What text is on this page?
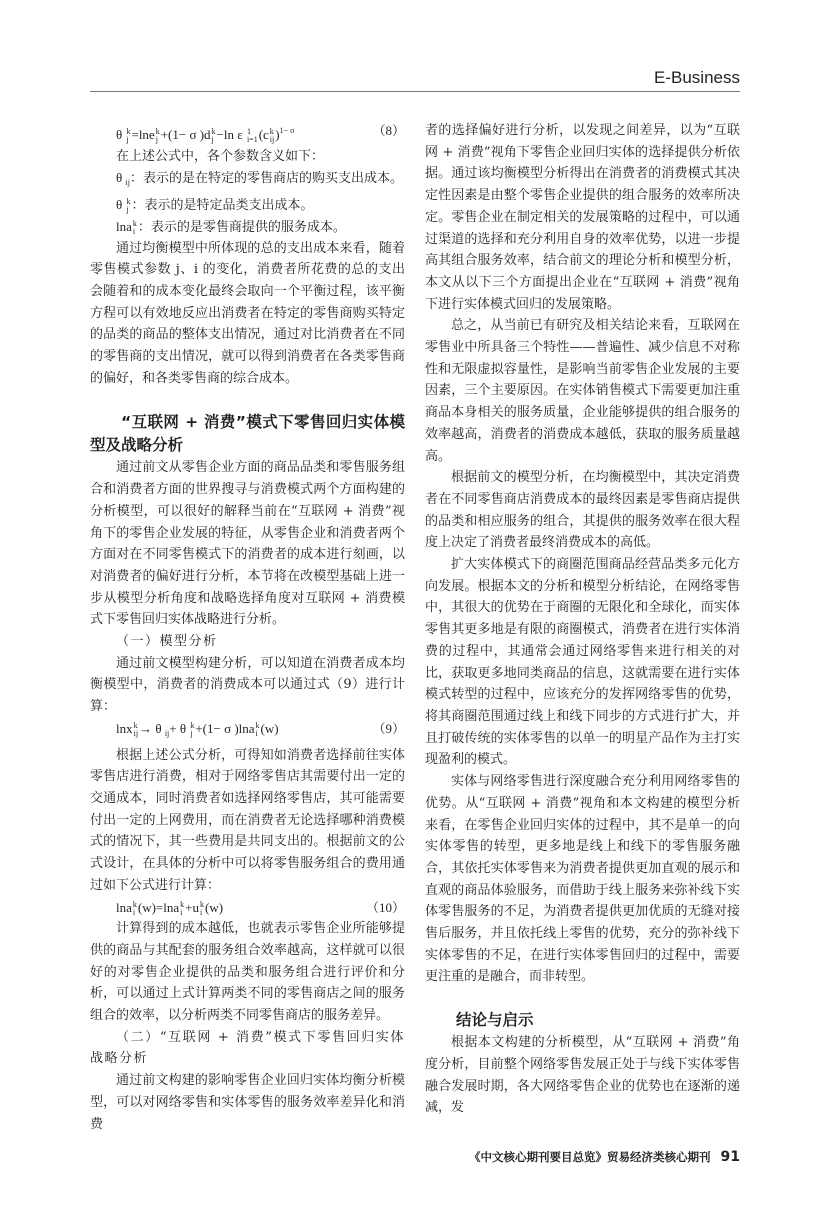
E-Business
θ k
j =lne k
j +(1− σ )d k
j −ln ε 1
i=1 (c k
ij )$^{1- \sigma}$	（8）

在上述公式中，各个参数含义如下：

θ $_{ij}$：表示的是在特定的零售商店的购买支出成本。
θ k
j ：表示的是特定品类支出成本。
lna k
i ：表示的是零售商提供的服务成本。

通过均衡模型中所体现的总的支出成本来看，随着零售模式参数 j、i 的变化，消费者所花费的总的支出会随着和的成本变化最终会取向一个平衡过程，该平衡方程可以有效地反应出消费者在特定的零售商购买特定的品类的商品的整体支出情况，通过对比消费者在不同的零售商的支出情况，就可以得到消费者在各类零售商的偏好，和各类零售商的综合成本。

“互联网 + 消费”模式下零售回归实体模型及战略分析

通过前文从零售企业方面的商品品类和零售服务组合和消费者方面的世界搜寻与消费模式两个方面构建的分析模型，可以很好的解释当前在“互联网 + 消费”视角下的零售企业发展的特征，从零售企业和消费者两个方面对在不同零售模式下的消费者的成本进行刻画，以对消费者的偏好进行分析，本节将在改模型基础上进一步从模型分析角度和战略选择角度对互联网 + 消费模式下零售回归实体战略进行分析。

（一）模型分析

通过前文模型构建分析，可以知道在消费者成本均衡模型中，消费者的消费成本可以通过式（9）进行计算：

lnx k
ij → θ $_{ij}$+ θ k
j +(1− σ )lna k
i (w)	（9）

根据上述公式分析，可得知如消费者选择前往实体零售店进行消费，相对于网络零售店其需要付出一定的交通成本，同时消费者如选择网络零售店，其可能需要付出一定的上网费用，而在消费者无论选择哪种消费模式的情况下，其一些费用是共同支出的。根据前文的公式设计，在具体的分析中可以将零售服务组合的费用通过如下公式进行计算：

lna k
i (w)=lna k
i +u k
i (w)	（10）

计算得到的成本越低，也就表示零售企业所能够提供的商品与其配套的服务组合效率越高，这样就可以很好的对零售企业提供的品类和服务组合进行评价和分析，可以通过上式计算两类不同的零售商店之间的服务组合的效率，以分析两类不同零售商店的服务差异。

（二）“互联网 + 消费”模式下零售回归实体战略分析

通过前文构建的影响零售企业回归实体均衡分析模型，可以对网络零售和实体零售的服务效率差异化和消费

者的选择偏好进行分析，以发现之间差异，以为“互联网 + 消费”视角下零售企业回归实体的选择提供分析依据。通过该均衡模型分析得出在消费者的消费模式其决定性因素是由整个零售企业提供的组合服务的效率所决定。零售企业在制定相关的发展策略的过程中，可以通过渠道的选择和充分利用自身的效率优势，以进一步提高其组合服务效率，结合前文的理论分析和模型分析，本文从以下三个方面提出企业在“互联网 + 消费”视角下进行实体模式回归的发展策略。

总之，从当前已有研究及相关结论来看，互联网在零售业中所具备三个特性——普遍性、减少信息不对称性和无限虚拟容量性，是影响当前零售企业发展的主要因素，三个主要原因。在实体销售模式下需要更加注重商品本身相关的服务质量，企业能够提供的组合服务的效率越高，消费者的消费成本越低，获取的服务质量越高。

根据前文的模型分析，在均衡模型中，其决定消费者在不同零售商店消费成本的最终因素是零售商店提供的品类和相应服务的组合，其提供的服务效率在很大程度上决定了消费者最终消费成本的高低。

扩大实体模式下的商圈范围商品经营品类多元化方向发展。根据本文的分析和模型分析结论，在网络零售中，其很大的优势在于商圈的无限化和全球化，而实体零售其更多地是有限的商圈模式，消费者在进行实体消费的过程中，其通常会通过网络零售来进行相关的对比，获取更多地同类商品的信息，这就需要在进行实体模式转型的过程中，应该充分的发挥网络零售的优势，将其商圈范围通过线上和线下同步的方式进行扩大，并且打破传统的实体零售的以单一的明星产品作为主打实现盈利的模式。

实体与网络零售进行深度融合充分利用网络零售的优势。从“互联网 + 消费”视角和本文构建的模型分析来看，在零售企业回归实体的过程中，其不是单一的向实体零售的转型，更多地是线上和线下的零售服务融合，其依托实体零售来为消费者提供更加直观的展示和直观的商品体验服务，而借助于线上服务来弥补线下实体零售服务的不足，为消费者提供更加优质的无缝对接售后服务，并且依托线上零售的优势，充分的弥补线下实体零售的不足，在进行实体零售回归的过程中，需要更注重的是融合，而非转型。

结论与启示

根据本文构建的分析模型，从“互联网 + 消费”角度分析，目前整个网络零售发展正处于与线下实体零售融合发展时期，各大网络零售企业的优势也在逐渐的递减，发

《中文核心期刊要目总览》贸易经济类核心期刊 91
